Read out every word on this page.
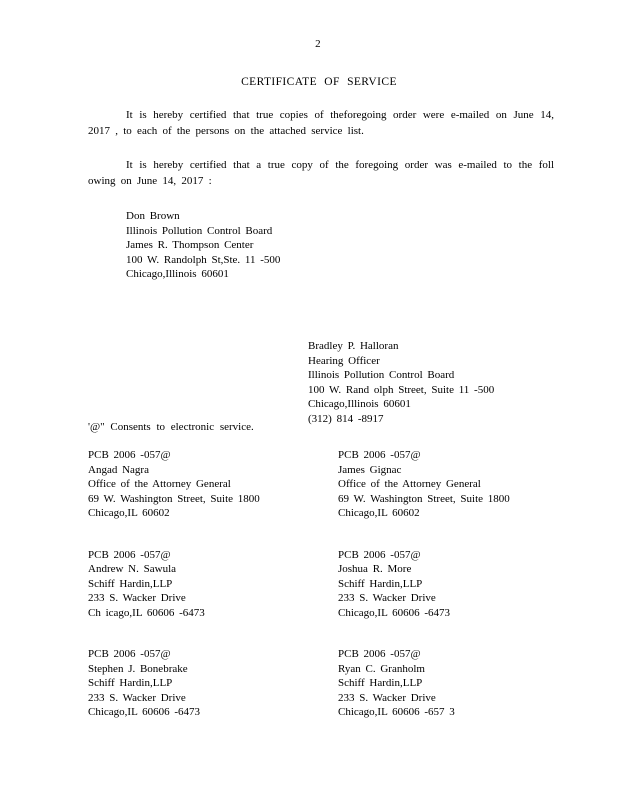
2
CERTIFICATE OF SERVICE
It is hereby certified that true copies of theforegoing order were e-mailed on June 14, 2017 , to each of the persons on the attached service list.
It is hereby certified that a true copy of the foregoing order was e-mailed to the foll owing on June 14, 2017 :
Don Brown
Illinois Pollution Control Board
James R. Thompson Center
100 W. Randolph St,Ste. 11 -500
Chicago,Illinois 60601
Bradley P. Halloran
Hearing Officer
Illinois Pollution Control Board
100 W. Rand olph Street, Suite 11 -500
Chicago,Illinois 60601
(312) 814 -8917
'@" Consents to electronic service.
PCB 2006 -057@
Angad Nagra
Office of the Attorney General
69 W. Washington Street, Suite 1800
Chicago,IL 60602
PCB 2006 -057@
James Gignac
Office of the Attorney General
69 W. Washington Street, Suite 1800
Chicago,IL 60602
PCB 2006 -057@
Andrew N. Sawula
Schiff Hardin,LLP
233 S. Wacker Drive
Ch icago,IL 60606 -6473
PCB 2006 -057@
Joshua R. More
Schiff Hardin,LLP
233 S. Wacker Drive
Chicago,IL 60606 -6473
PCB 2006 -057@
Stephen J. Bonebrake
Schiff Hardin,LLP
233 S. Wacker Drive
Chicago,IL 60606 -6473
PCB 2006 -057@
Ryan C. Granholm
Schiff Hardin,LLP
233 S. Wacker Drive
Chicago,IL 60606 -657 3
